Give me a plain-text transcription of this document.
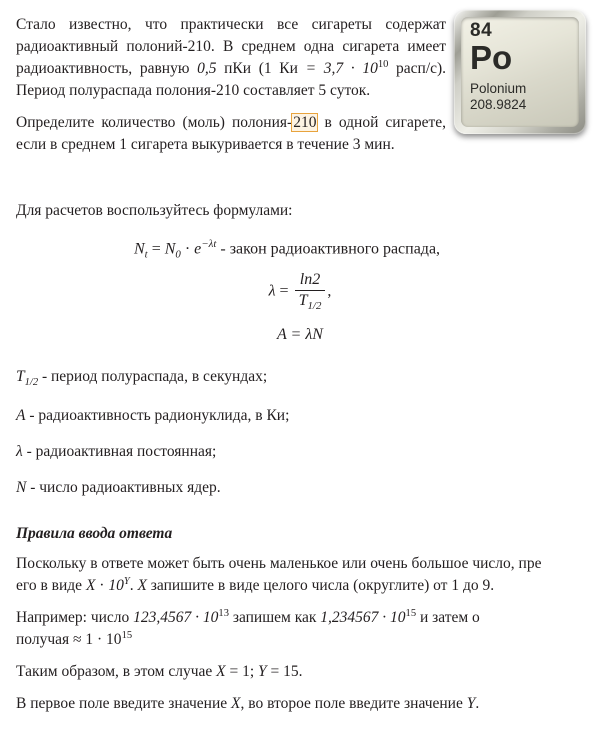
84
Po
Polonium
208.9824

Стало известно, что практически все сигареты содержат радиоактивный полоний-210. В среднем одна сигарета имеет радиоактивность, равную 0,5 пКи (1 Ки = $3,7 \cdot 10^{10}$ расп/с). Период полураспада полония-210 составляет 5 суток.

Определите количество (моль) полония-210 в одной сигарете, если в среднем 1 сигарета выкуривается в течение 3 мин.

Для расчетов воспользуйтесь формулами:

$N_t = N_0 \cdot e^{-\lambda t}$ - закон радиоактивного распада,
$\lambda = \frac{\ln 2}{T_{1/2}}$ ,
A = λN

$T_{1/2}$ - период полураспада, в секундах;

A - радиоактивность радионуклида, в Ки;

λ - радиоактивная постоянная;

N - число радиоактивных ядер.

Правила ввода ответа

Поскольку в ответе может быть очень маленькое или очень большое число, пре
его в виде $X \cdot 10^Y$. X запишите в виде целого числа (округлите) от 1 до 9.

Например: число $123,4567 \cdot 10^{13}$ запишем как $1,234567 \cdot 10^{15}$ и затем о
получая ≈ $1 \cdot 10^{15}$

Таким образом, в этом случае X = 1; Y = 15.

В первое поле введите значение X, во второе поле введите значение Y.
